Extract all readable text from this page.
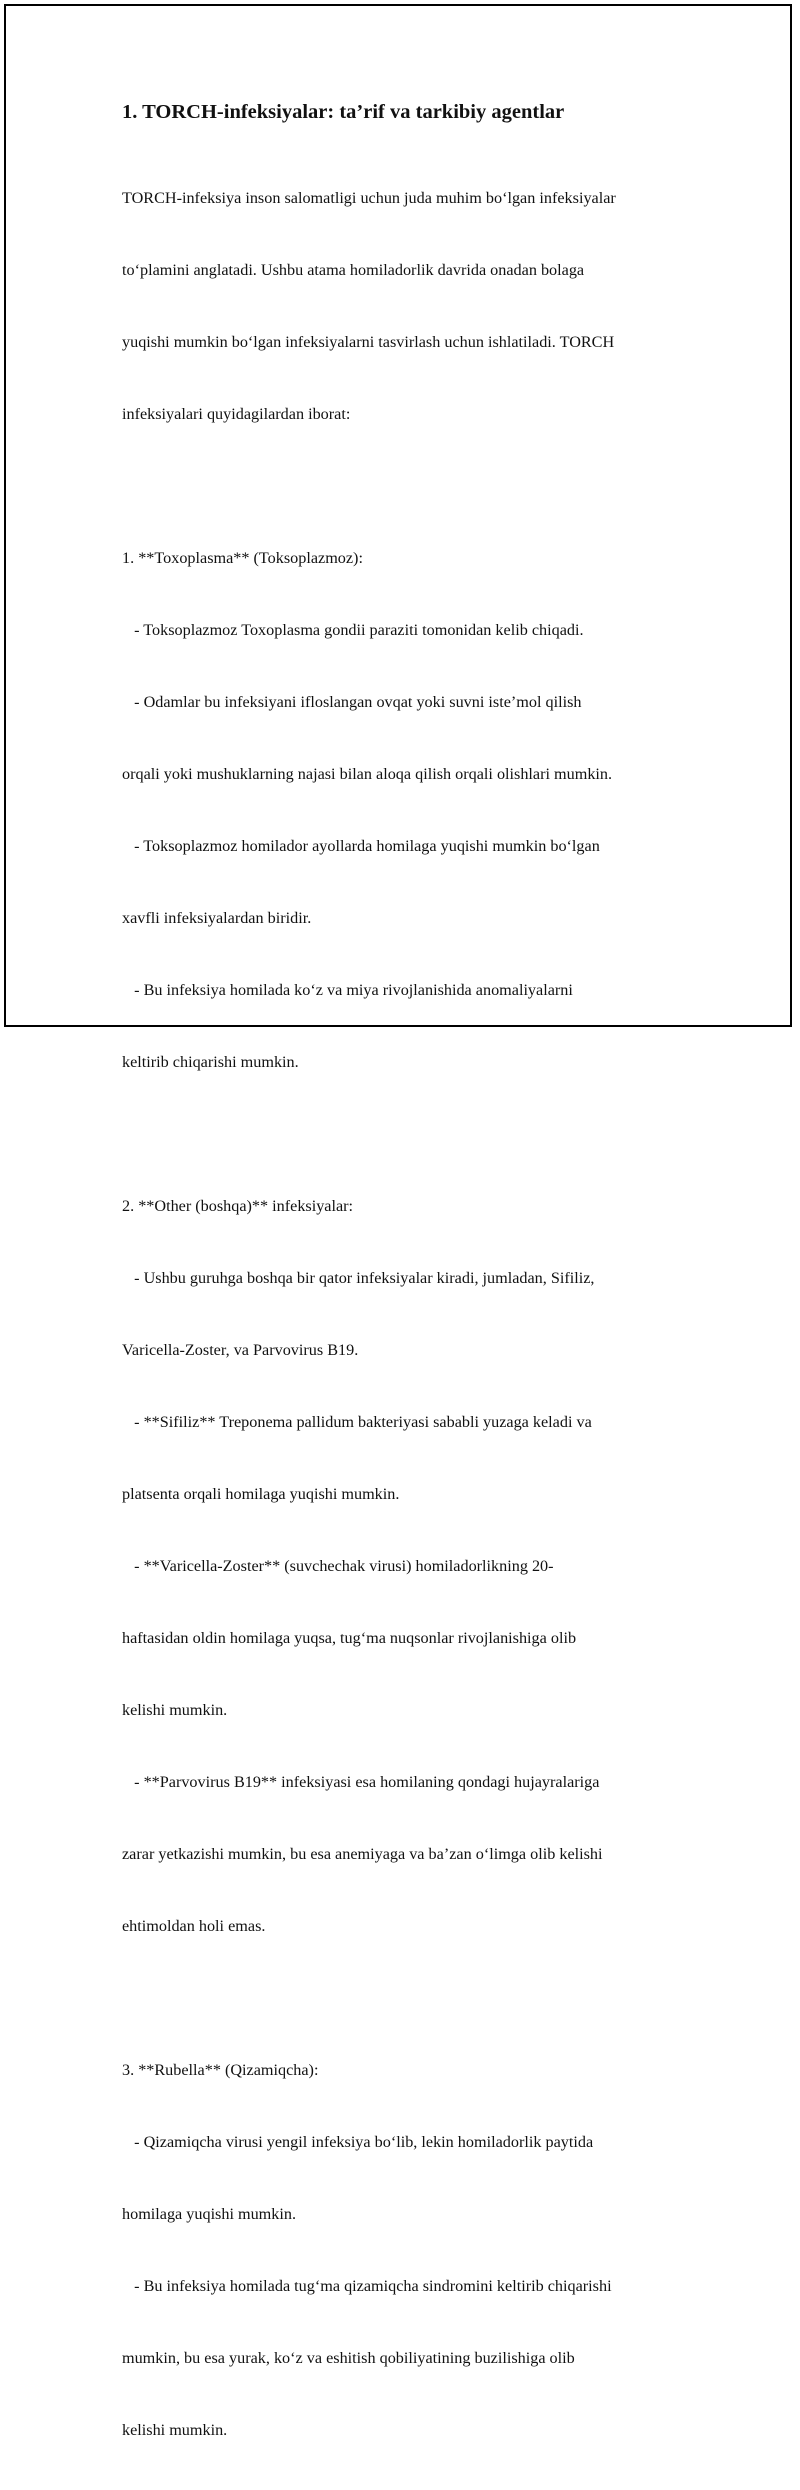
1. TORCH-infeksiyalar: ta’rif va tarkibiy agentlar

TORCH-infeksiya inson salomatligi uchun juda muhim bo‘lgan infeksiyalar

to‘plamini anglatadi. Ushbu atama homiladorlik davrida onadan bolaga

yuqishi mumkin bo‘lgan infeksiyalarni tasvirlash uchun ishlatiladi. TORCH

infeksiyalari quyidagilardan iborat:

1. **Toxoplasma** (Toksoplazmoz):

- Toksoplazmoz Toxoplasma gondii paraziti tomonidan kelib chiqadi.

- Odamlar bu infeksiyani ifloslangan ovqat yoki suvni iste’mol qilish

orqali yoki mushuklarning najasi bilan aloqa qilish orqali olishlari mumkin.

- Toksoplazmoz homilador ayollarda homilaga yuqishi mumkin bo‘lgan

xavfli infeksiyalardan biridir.

- Bu infeksiya homilada ko‘z va miya rivojlanishida anomaliyalarni

keltirib chiqarishi mumkin.

2. **Other (boshqa)** infeksiyalar:

- Ushbu guruhga boshqa bir qator infeksiyalar kiradi, jumladan, Sifiliz,

Varicella-Zoster, va Parvovirus B19.

- **Sifiliz** Treponema pallidum bakteriyasi sababli yuzaga keladi va

platsenta orqali homilaga yuqishi mumkin.

- **Varicella-Zoster** (suvchechak virusi) homiladorlikning 20-

haftasidan oldin homilaga yuqsa, tug‘ma nuqsonlar rivojlanishiga olib

kelishi mumkin.

- **Parvovirus B19** infeksiyasi esa homilaning qondagi hujayralariga

zarar yetkazishi mumkin, bu esa anemiyaga va ba’zan o‘limga olib kelishi

ehtimoldan holi emas.

3. **Rubella** (Qizamiqcha):

- Qizamiqcha virusi yengil infeksiya bo‘lib, lekin homiladorlik paytida

homilaga yuqishi mumkin.

- Bu infeksiya homilada tug‘ma qizamiqcha sindromini keltirib chiqarishi

mumkin, bu esa yurak, ko‘z va eshitish qobiliyatining buzilishiga olib

kelishi mumkin.
